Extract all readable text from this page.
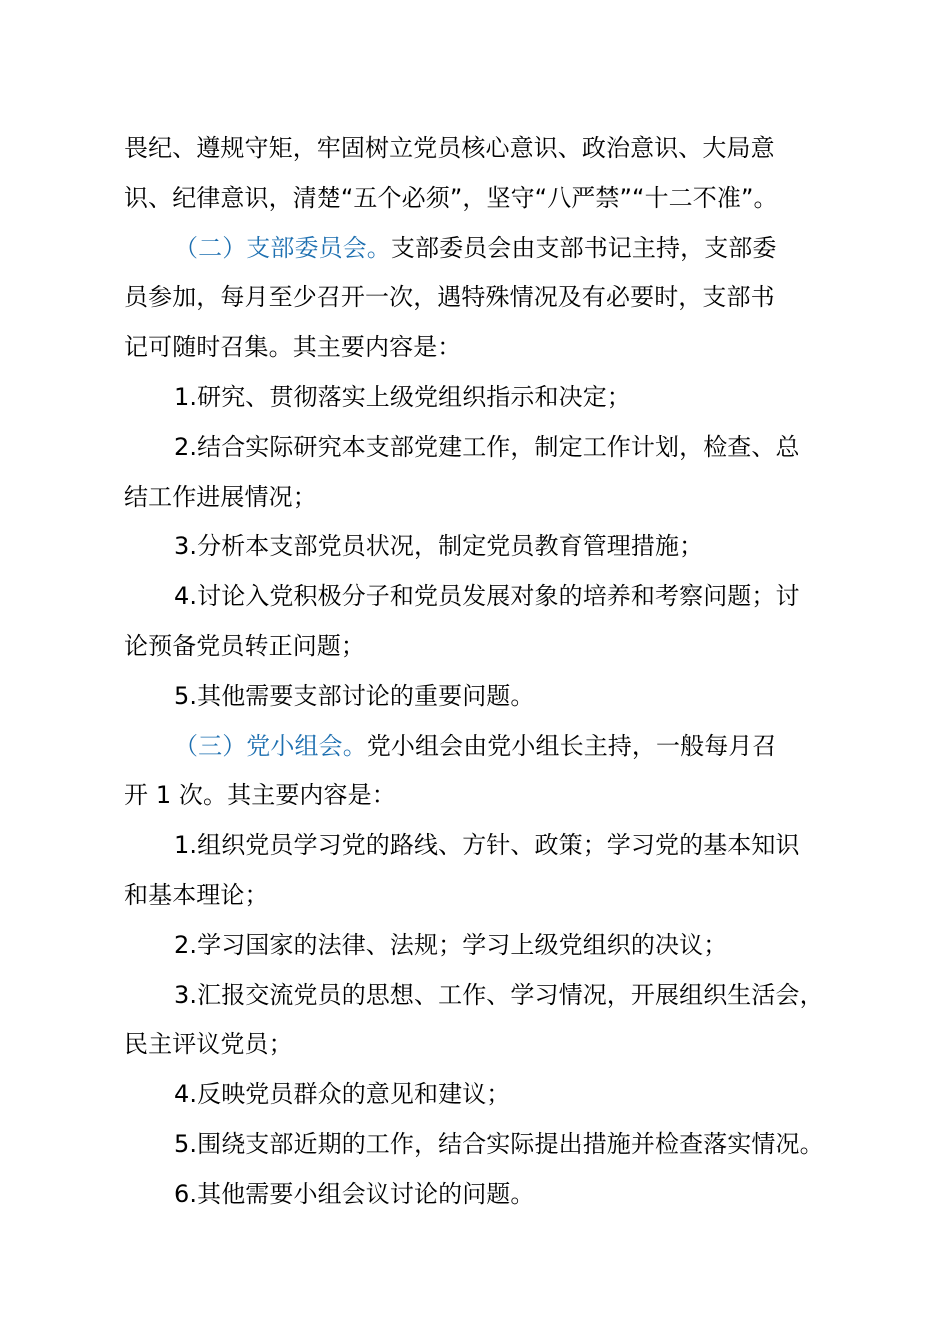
畏纪、遵规守矩，牢固树立党员核心意识、政治意识、大局意
识、纪律意识，清楚“五个必须”，坚守“八严禁”“十二不准”。
（二）支部委员会。支部委员会由支部书记主持，支部委
员参加，每月至少召开一次，遇特殊情况及有必要时，支部书
记可随时召集。其主要内容是：
1.研究、贯彻落实上级党组织指示和决定；
2.结合实际研究本支部党建工作，制定工作计划，检查、总
结工作进展情况；
3.分析本支部党员状况，制定党员教育管理措施；
4.讨论入党积极分子和党员发展对象的培养和考察问题；讨
论预备党员转正问题；
5.其他需要支部讨论的重要问题。
（三）党小组会。党小组会由党小组长主持，一般每月召
开 1 次。其主要内容是：
1.组织党员学习党的路线、方针、政策；学习党的基本知识
和基本理论；
2.学习国家的法律、法规；学习上级党组织的决议；
3.汇报交流党员的思想、工作、学习情况，开展组织生活会，
民主评议党员；
4.反映党员群众的意见和建议；
5.围绕支部近期的工作，结合实际提出措施并检查落实情况。
6.其他需要小组会议讨论的问题。
